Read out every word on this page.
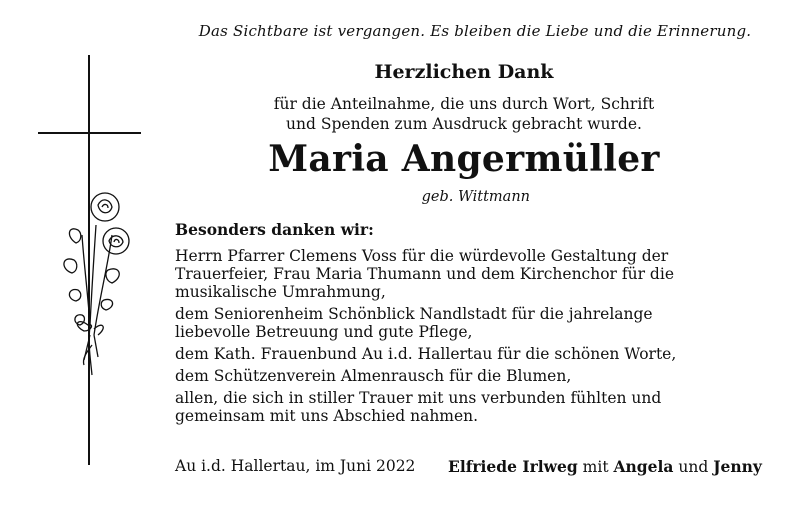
Das Sichtbare ist vergangen. Es bleiben die Liebe und die Erinnerung.
Herzlichen Dank
für die Anteilnahme, die uns durch Wort, Schrift
und Spenden zum Ausdruck gebracht wurde.
Maria Angermüller
geb. Wittmann
Besonders danken wir:
Herrn Pfarrer Clemens Voss für die würdevolle Gestaltung der
Trauerfeier, Frau Maria Thumann und dem Kirchenchor für die
musikalische Umrahmung,
dem Seniorenheim Schönblick Nandlstadt für die jahrelange
liebevolle Betreuung und gute Pflege,
dem Kath. Frauenbund Au i.d. Hallertau für die schönen Worte,
dem Schützenverein Almenrausch für die Blumen,
allen, die sich in stiller Trauer mit uns verbunden fühlten und
gemeinsam mit uns Abschied nahmen.
Au i.d. Hallertau, im Juni 2022 Elfriede Irlweg mit Angela und Jenny
